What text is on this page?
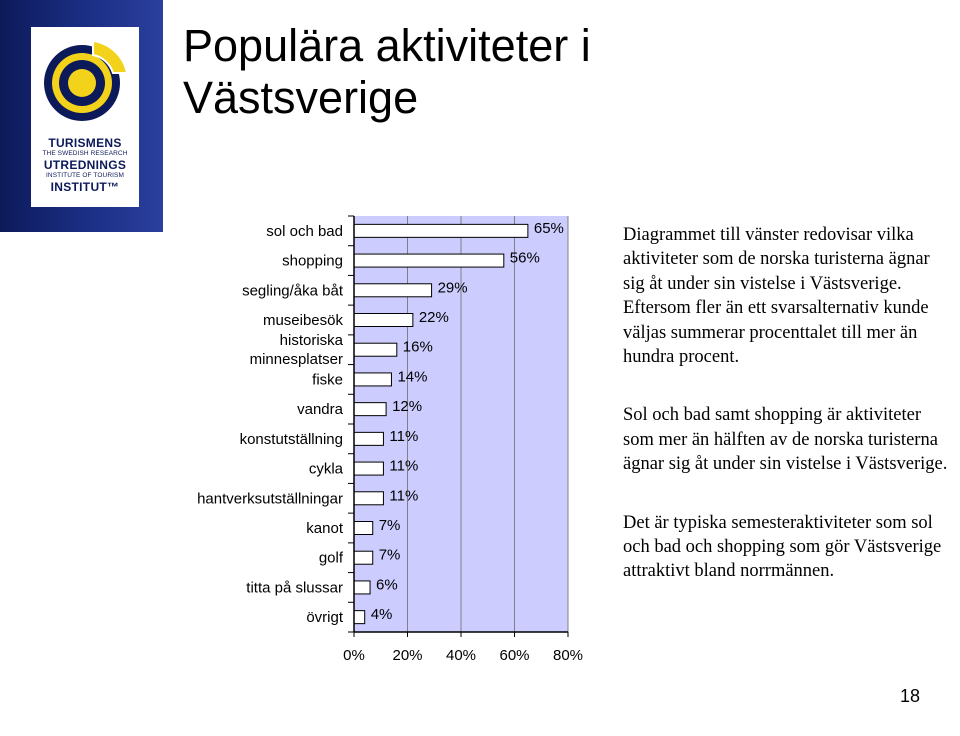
TURISMENS
THE SWEDISH RESEARCH
UTREDNINGS
INSTITUTE OF TOURISM
INSTITUT™
Populära aktiviteter i
Västsverige
65%
sol och bad
56%
shopping
29%
segling/åka båt
22%
museibesök
16%
historiska
minnesplatser
14%
fiske
12%
vandra
11%
konstutställning
11%
cykla
11%
hantverksutställningar
7%
kanot
7%
golf
6%
titta på slussar
4%
övrigt
0% 20% 40% 60% 80%

Diagrammet till vänster redovisar vilka aktiviteter som de norska turisterna ägnar sig åt under sin vistelse i Västsverige. Eftersom fler än ett svarsalternativ kunde väljas summerar procenttalet till mer än hundra procent.

Sol och bad samt shopping är aktiviteter som mer än hälften av de norska turisterna ägnar sig åt under sin vistelse i Västsverige.

Det är typiska semesteraktiviteter som sol och bad och shopping som gör Västsverige attraktivt bland norrmännen.

18
